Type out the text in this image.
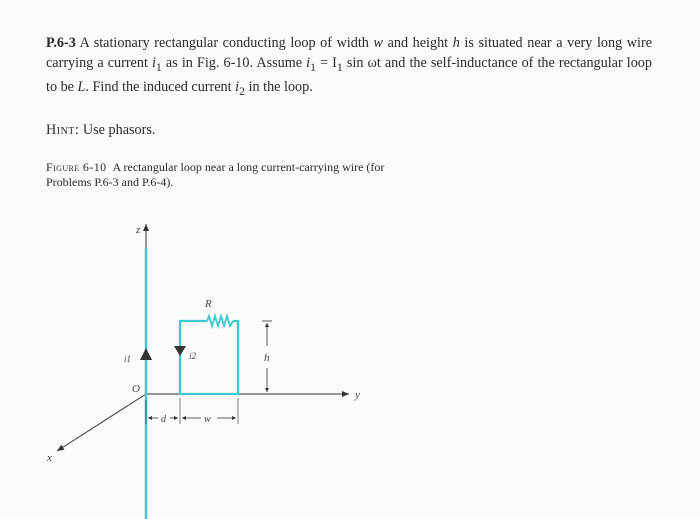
P.6-3 A stationary rectangular conducting loop of width w and height h is situated near a very long wire carrying a current $i_1$ as in Fig. 6-10. Assume $i_1 = I_1$ sin ωt and the self-inductance of the rectangular loop to be L. Find the induced current $i_2$ in the loop.

Hint: Use phasors.
Figure 6-10 A rectangular loop near a long current-carrying wire (for Problems P.6-3 and P.6-4).
z
O
x
y
i1	i2
R
h
d	w
